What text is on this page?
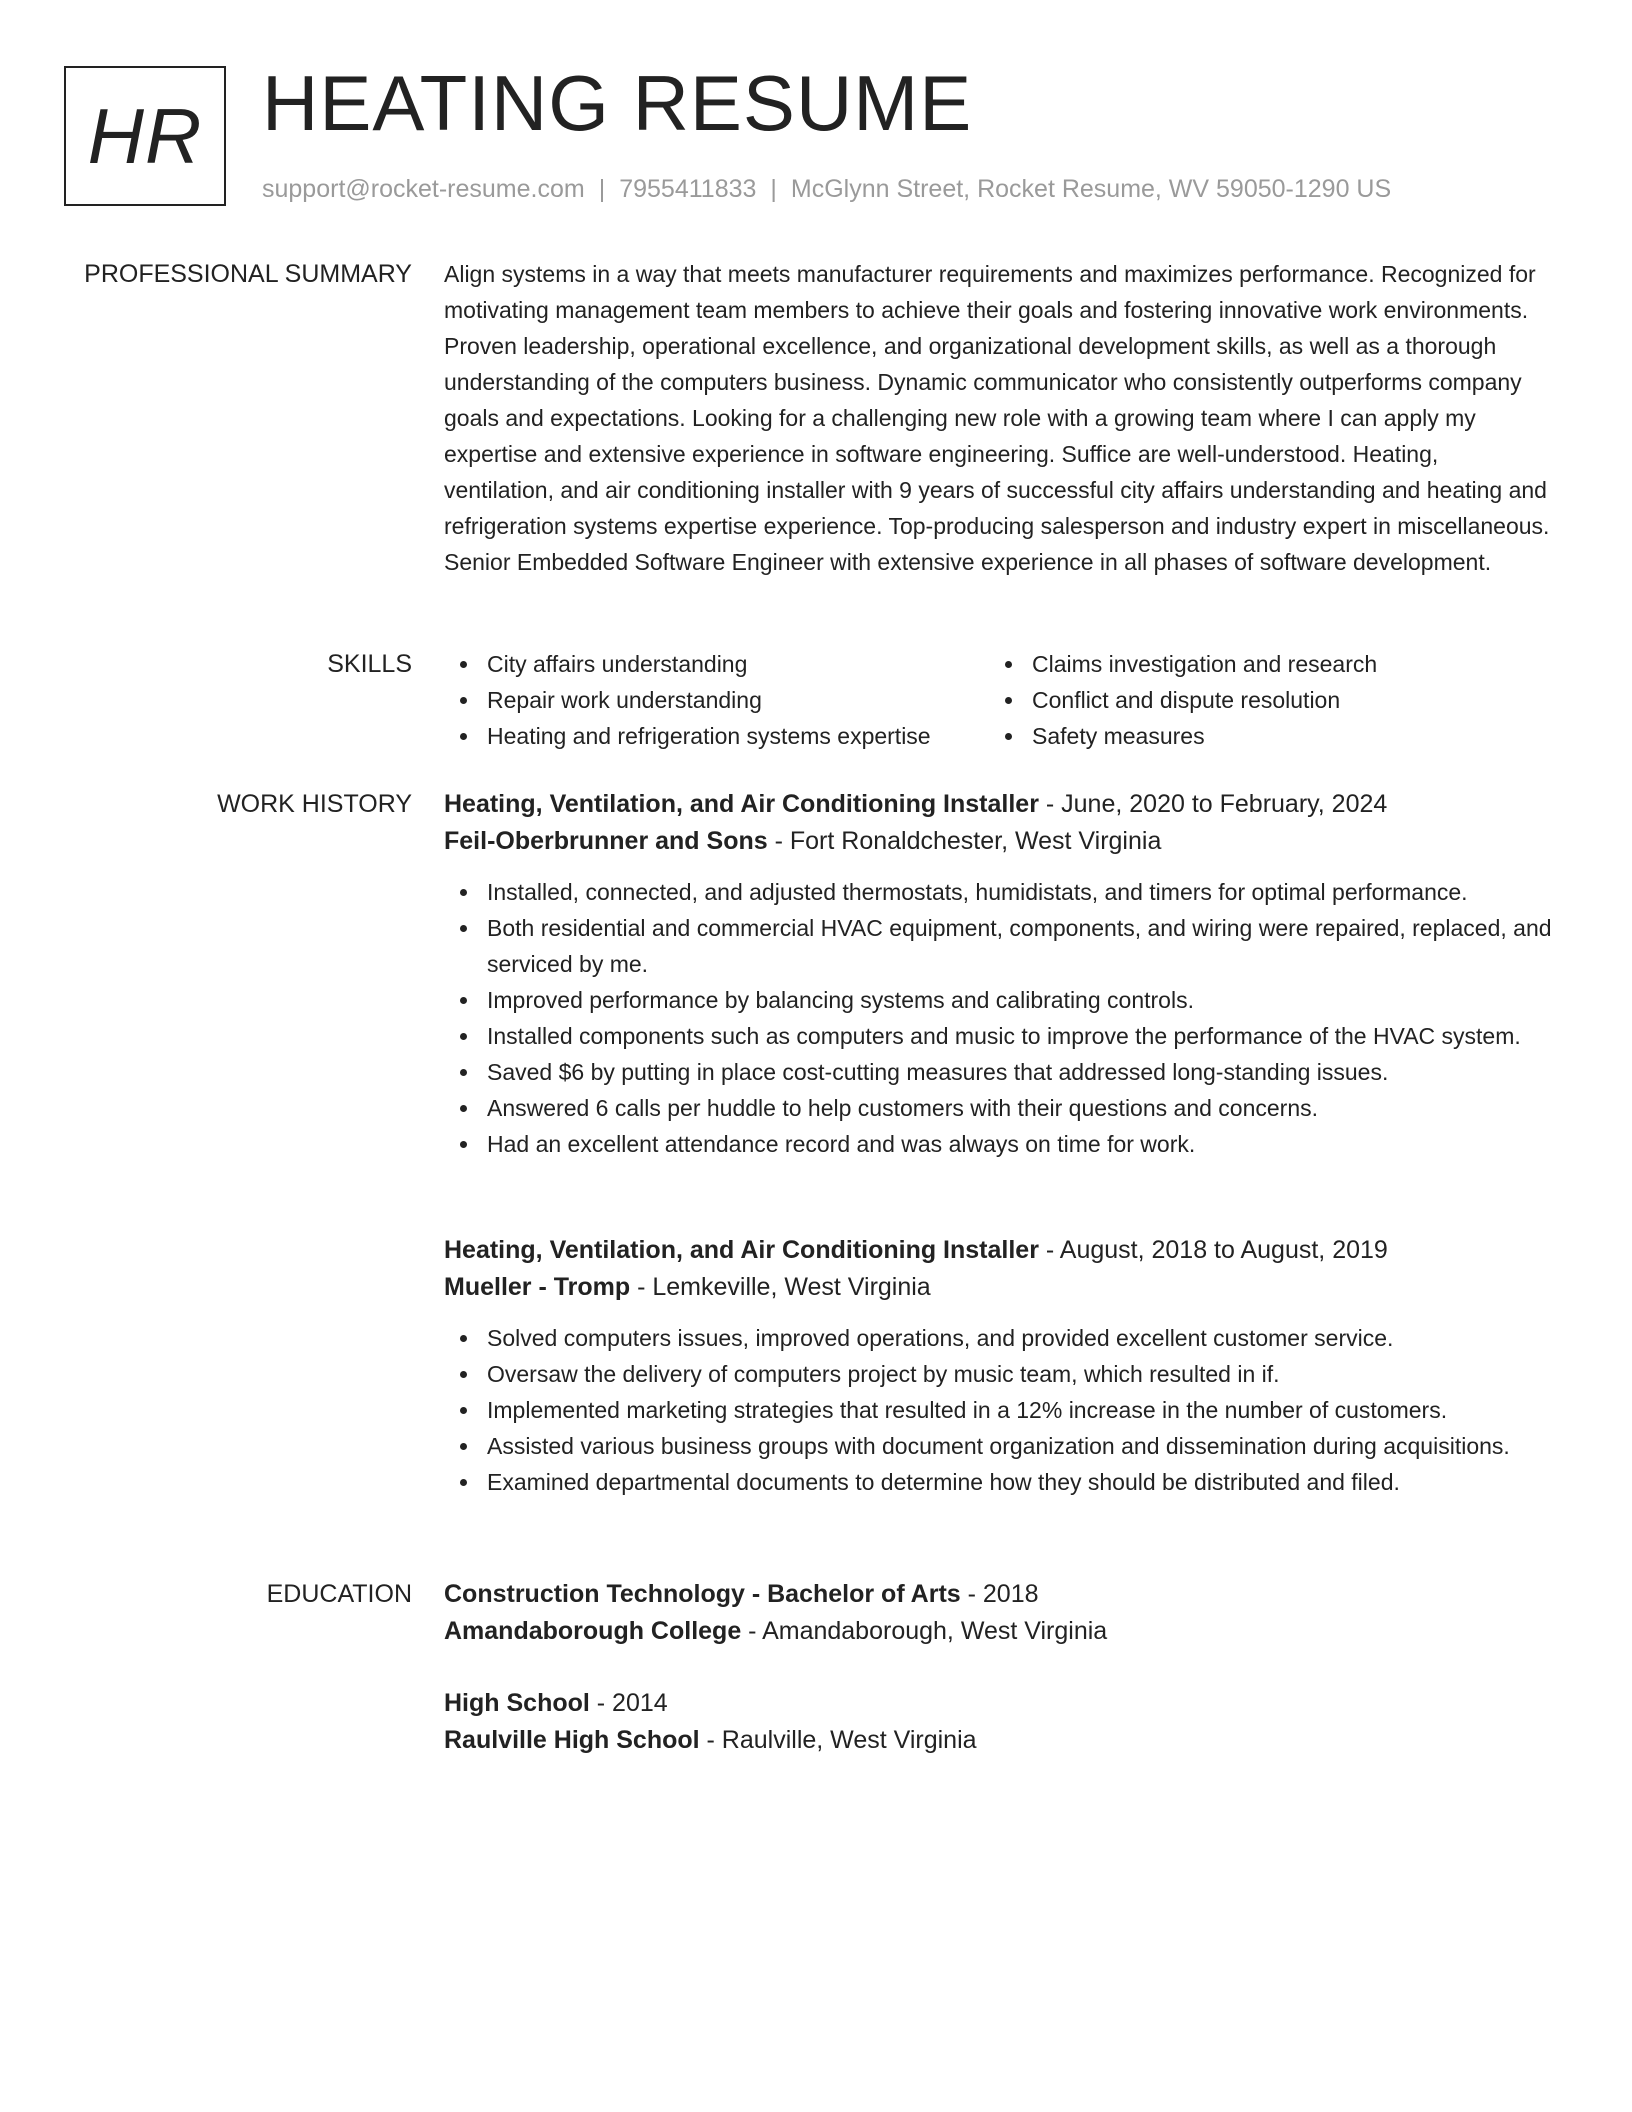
HR HEATING RESUME
support@rocket-resume.com | 7955411833 | McGlynn Street, Rocket Resume, WV 59050-1290 US
PROFESSIONAL SUMMARY Align systems in a way that meets manufacturer requirements and maximizes performance. Recognized for motivating management team members to achieve their goals and fostering innovative work environments. Proven leadership, operational excellence, and organizational development skills, as well as a thorough understanding of the computers business. Dynamic communicator who consistently outperforms company goals and expectations. Looking for a challenging new role with a growing team where I can apply my expertise and extensive experience in software engineering. Suffice are well-understood. Heating, ventilation, and air conditioning installer with 9 years of successful city affairs understanding and heating and refrigeration systems expertise experience. Top-producing salesperson and industry expert in miscellaneous. Senior Embedded Software Engineer with extensive experience in all phases of software development.
SKILLS	City affairs understanding
Repair work understanding
Heating and refrigeration systems expertise
Claims investigation and research
Conflict and dispute resolution
Safety measures
WORK HISTORY Heating, Ventilation, and Air Conditioning Installer - June, 2020 to February, 2024
Feil-Oberbrunner and Sons - Fort Ronaldchester, West Virginia
Installed, connected, and adjusted thermostats, humidistats, and timers for optimal performance.
Both residential and commercial HVAC equipment, components, and wiring were repaired, replaced, and serviced by me.
Improved performance by balancing systems and calibrating controls.
Installed components such as computers and music to improve the performance of the HVAC system.
Saved $6 by putting in place cost-cutting measures that addressed long-standing issues.
Answered 6 calls per huddle to help customers with their questions and concerns.
Had an excellent attendance record and was always on time for work.
Heating, Ventilation, and Air Conditioning Installer - August, 2018 to August, 2019
Mueller - Tromp - Lemkeville, West Virginia
Solved computers issues, improved operations, and provided excellent customer service.
Oversaw the delivery of computers project by music team, which resulted in if.
Implemented marketing strategies that resulted in a 12% increase in the number of customers.
Assisted various business groups with document organization and dissemination during acquisitions.
Examined departmental documents to determine how they should be distributed and filed.
EDUCATION Construction Technology - Bachelor of Arts - 2018
Amandaborough College - Amandaborough, West Virginia
High School - 2014
Raulville High School - Raulville, West Virginia
